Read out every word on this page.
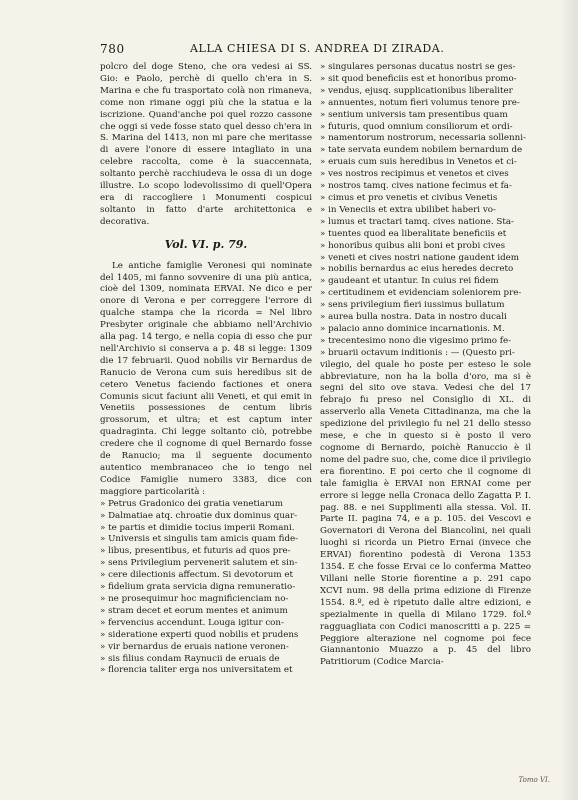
780	ALLA CHIESA DI S. ANDREA DI ZIRADA.

polcro del doge Steno, che ora vedesi ai SS. Gio: e Paolo, perchè di quello ch'era in S. Marina e che fu trasportato colà non rimaneva, come non rimane oggi più che la statua e la iscrizione. Quand'anche poi quel rozzo cassone che oggi si vede fosse stato quel desso ch'era in S. Marina del 1413, non mi pare che meritasse di avere l'onore di essere intagliato in una celebre raccolta, come è la suaccennata, soltanto perchè racchiudeva le ossa di un doge illustre. Lo scopo lodevolissimo di quell'Opera era di raccogliere i Monumenti cospicui soltanto in fatto d'arte architettonica e decorativa.

Vol. VI. p. 79.

Le antiche famiglie Veronesi qui nominate del 1405, mi fanno sovvenire di una più antica, cioè del 1309, nominata ERVAI. Ne dico e per onore di Verona e per correggere l'errore di qualche stampa che la ricorda = Nel libro Presbyter originale che abbiamo nell'Archivio alla pag. 14 tergo, e nella copia di esso che pur nell'Archivio si conserva a p. 48 si legge: 1309 die 17 februarii. Quod nobilis vir Bernardus de Ranucio de Verona cum suis heredibus sit de cetero Venetus faciendo factiones et onera Comunis sicut faciunt alii Veneti, et qui emit in Venetiis possessiones de centum libris grossorum, et ultra; et est captum inter quadraginta. Chi legge soltanto ciò, potrebbe credere che il cognome di quel Bernardo fosse de Ranucio; ma il seguente documento autentico membranaceo che io tengo nel Codice Famiglie numero 3383, dice con maggiore particolarità :

» Petrus Gradonico dei gratia venetiarum
» Dalmatiae atq. chroatie dux dominus quar-
» te partis et dimidie tocius imperii Romani.
» Universis et singulis tam amicis quam fide-
» libus, presentibus, et futuris ad quos pre-
» sens Privilegium pervenerit salutem et sin-
» cere dilectionis affectum. Si devotorum et
» fidelium grata servicia digna remuneratio-
» ne prosequimur hoc magnificienciam no-
» stram decet et eorum mentes et animum
» fervencius accendunt. Louga igitur con-
» sideratione experti quod nobilis et prudens
» vir bernardus de eruais natione veronen-
» sis filius condam Raynucii de eruais de
» florencia taliter erga nos universitatem et
» singulares personas ducatus nostri se ges-
» sit quod beneficiis est et honoribus promo-
» vendus, ejusq. supplicationibus liberaliter
» annuentes, notum fieri volumus tenore pre-
» sentium universis tam presentibus quam
» futuris, quod omnium consiliorum et ordi-
» namentorum nostrorum, necessaria sollenni-
» tate servata eundem nobilem bernardum de
» eruais cum suis heredibus in Venetos et ci-
» ves nostros recipimus et venetos et cives
» nostros tamq. cives natione fecimus et fa-
» cimus et pro venetis et civibus Venetis
» in Veneciis et extra ubilibet haberi vo-
» lumus et tractari tamq. cives natione. Sta-
» tuentes quod ea liberalitate beneficiis et
» honoribus quibus alii boni et probi cives
» veneti et cives nostri natione gaudent idem
» nobilis bernardus ac eius heredes decreto
» gaudeant et utantur. In cuius rei fidem
» certitudinem et evidenciam soleniorem pre-
» sens privilegium fieri iussimus bullatum
» aurea bulla nostra. Data in nostro ducali
» palacio anno dominice incarnationis. M.
» trecentesimo nono die vigesimo primo fe-
» bruarii octavum inditionis : — (Questo pri-

vilegio, del quale ho poste per esteso le sole abbreviature, non ha la bolla d'oro, ma si è segni del sito ove stava. Vedesi che del 17 febrajo fu preso nel Consiglio di XL. di asserverlo alla Veneta Cittadinanza, ma che la spedizione del privilegio fu nel 21 dello stesso mese, e che in questo si è posto il vero cognome di Bernardo, poichè Ranuccio è il nome del padre suo, che, come dice il privilegio era fiorentino. E poi certo che il cognome di tale famiglia è ERVAI non ERNAI come per errore si legge nella Cronaca dello Zagatta P. I. pag. 88. e nei Supplimenti alla stessa. Vol. II. Parte II. pagina 74, e a p. 105. dei Vescovi e Governatori di Verona del Biancolini, nei quali luoghi si ricorda un Pietro Ernai (invece che ERVAI) fiorentino podestà di Verona 1353 1354. E che fosse Ervai ce lo conferma Matteo Villani nelle Storie fiorentine a p. 291 capo XCVI num. 98 della prima edizione di Firenze 1554. 8.º, ed è ripetuto dalle altre edizioni, e spezialmente in quella di Milano 1729. fol.º ragguagliata con Codici manoscritti a p. 225 = Peggiore alterazione nel cognome poi fece Giannantonio Muazzo a p. 45 del libro Patritiorum (Codice Marcia-

Tomo VI.
